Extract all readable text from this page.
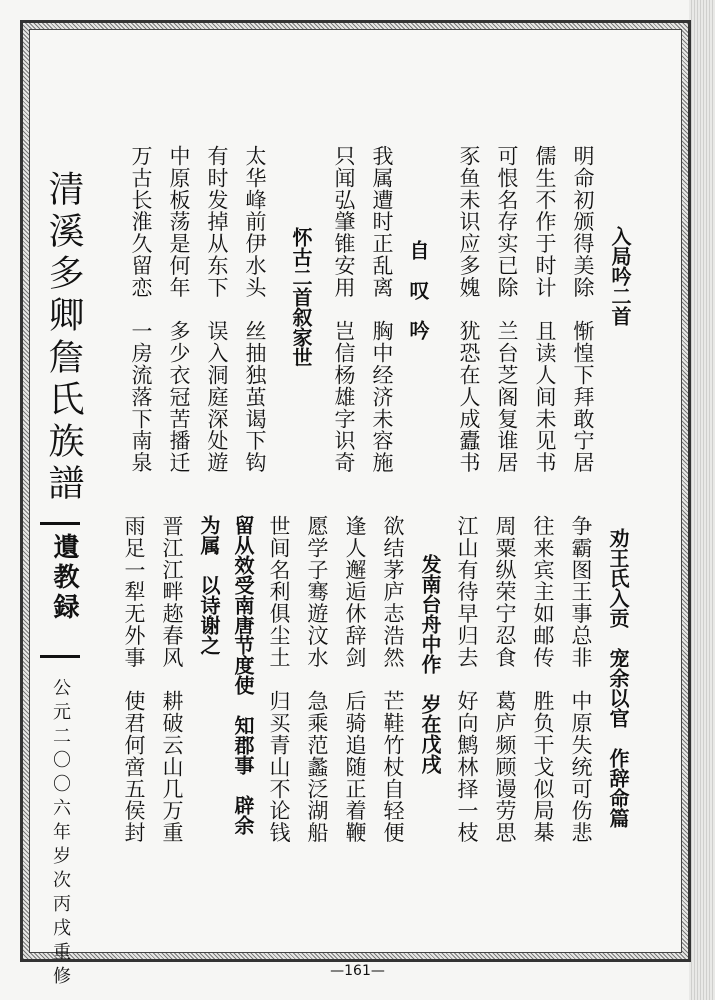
入局吟二首
明命初颁得美除　惭惶下拜敢宁居
儒生不作于时计　且读人间未见书
可恨名存实已除　兰台芝阁复谁居
豕鱼未识应多媿　犹恐在人成蠹书
自　叹　吟
我属遭时正乱离　胸中经济未容施
只闻弘肇锥安用　岂信杨雄字识奇
怀古二首叙家世
太华峰前伊水头　丝抽独茧谒下钩
有时发掉从东下　误入洞庭深处遊
中原板荡是何年　多少衣冠苦播迁
万古长淮久留恋　一房流落下南泉
劝王氏入贡　宠余以官　作辞命篇
争霸图王事总非　中原失统可伤悲
往来宾主如邮传　胜负干戈似局棊
周粟纵荣宁忍食　葛庐频顾谩劳思
江山有待早归去　好向鹪林择一枝
发南台舟中作　岁在戊戌
欲结茅庐志浩然　芒鞋竹杖自轻便
逢人邂逅休辞剑　后骑追随正着鞭
愿学子骞遊汶水　急乘范蠡泛湖船
世间名利俱尘土　归买青山不论钱
留从效受南唐节度使　知郡事　辟余
为属　以诗谢之
晋江江畔趂春风　耕破云山几万重
雨足一犁无外事　使君何啻五侯封
清溪多卿詹氏族譜
遺教録
公元二〇〇六年岁次丙戌重修	—161—
